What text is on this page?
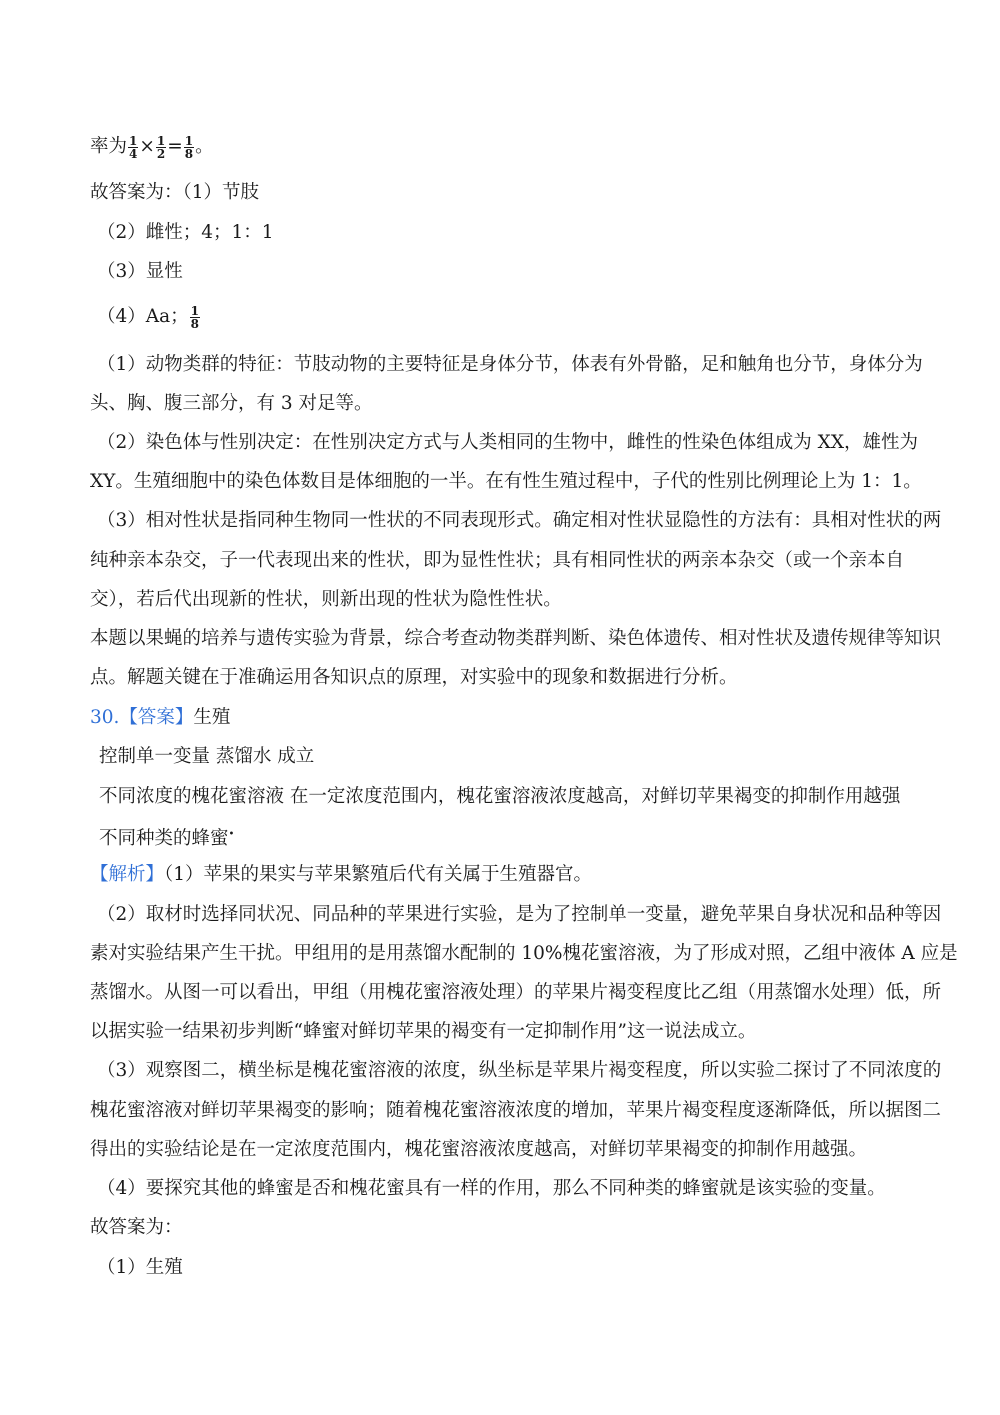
率为 $\frac{1}{4} \times \frac{1}{2} = \frac{1}{8}$ 。
故答案为：（1）节肢
（2）雌性；4；1：1
（3）显性
（4）Aa； $\frac{1}{8}$
（1）动物类群的特征：节肢动物的主要特征是身体分节，体表有外骨骼，足和触角也分节，身体分为
头、胸、腹三部分，有 3 对足等。
（2）染色体与性别决定：在性别决定方式与人类相同的生物中，雌性的性染色体组成为 XX，雄性为
XY。生殖细胞中的染色体数目是体细胞的一半。在有性生殖过程中，子代的性别比例理论上为 1：1。
（3）相对性状是指同种生物同一性状的不同表现形式。确定相对性状显隐性的方法有：具相对性状的两
纯种亲本杂交，子一代表现出来的性状，即为显性性状；具有相同性状的两亲本杂交（或一个亲本自
交），若后代出现新的性状，则新出现的性状为隐性性状。
本题以果蝇的培养与遗传实验为背景，综合考查动物类群判断、染色体遗传、相对性状及遗传规律等知识
点。解题关键在于准确运用各知识点的原理，对实验中的现象和数据进行分析。
30.【答案】生殖
控制单一变量 蒸馏水 成立
不同浓度的槐花蜜溶液 在一定浓度范围内，槐花蜜溶液浓度越高，对鲜切苹果褐变的抑制作用越强
不同种类的蜂蜜•
【解析】（1）苹果的果实与苹果繁殖后代有关属于生殖器官。
（2）取材时选择同状况、同品种的苹果进行实验，是为了控制单一变量，避免苹果自身状况和品种等因
素对实验结果产生干扰。甲组用的是用蒸馏水配制的 10%槐花蜜溶液，为了形成对照，乙组中液体 A 应是
蒸馏水。从图一可以看出，甲组（用槐花蜜溶液处理）的苹果片褐变程度比乙组（用蒸馏水处理）低，所
以据实验一结果初步判断“蜂蜜对鲜切苹果的褐变有一定抑制作用”这一说法成立。
（3）观察图二，横坐标是槐花蜜溶液的浓度，纵坐标是苹果片褐变程度，所以实验二探讨了不同浓度的
槐花蜜溶液对鲜切苹果褐变的影响；随着槐花蜜溶液浓度的增加，苹果片褐变程度逐渐降低，所以据图二
得出的实验结论是在一定浓度范围内，槐花蜜溶液浓度越高，对鲜切苹果褐变的抑制作用越强。
（4）要探究其他的蜂蜜是否和槐花蜜具有一样的作用，那么不同种类的蜂蜜就是该实验的变量。
故答案为：
（1）生殖
